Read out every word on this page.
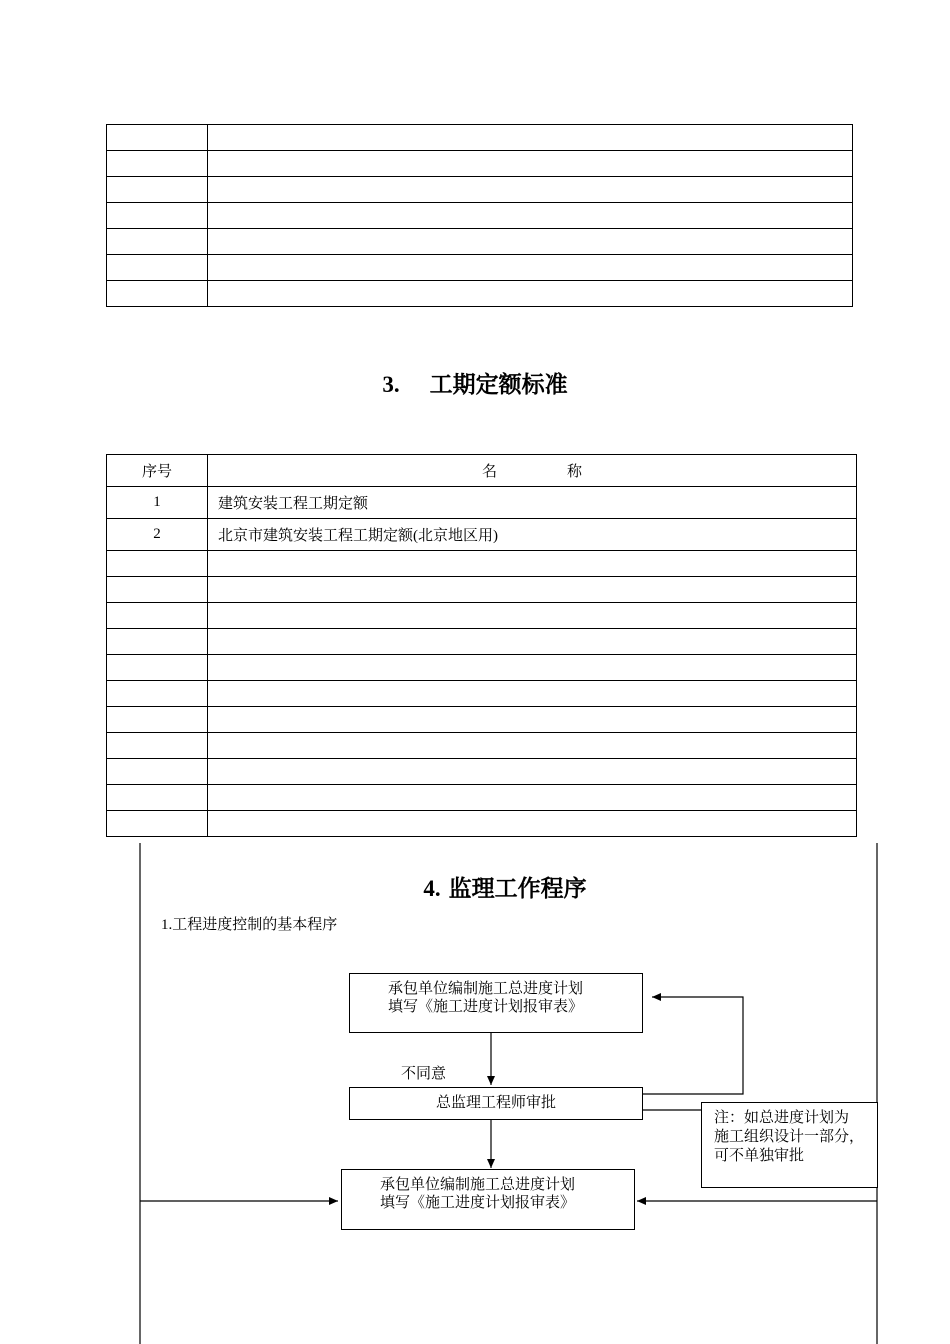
3. 工期定额标准
序号	名 称
1	建筑安装工程工期定额
2	北京市建筑安装工程工期定额(北京地区用)

4. 监理工作程序
1.工程进度控制的基本程序
承包单位编制施工总进度计划
填写《施工进度计划报审表》
不同意
总监理工程师审批
注：如总进度计划为
施工组织设计一部分，
可不单独审批
承包单位编制施工总进度计划
填写《施工进度计划报审表》
